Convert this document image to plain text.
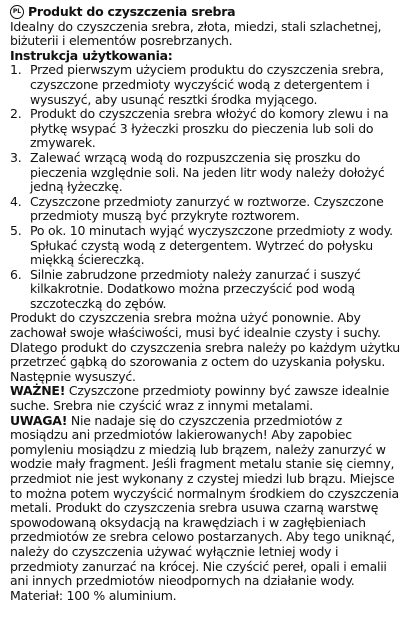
PL Produkt do czyszczenia srebra

Idealny do czyszczenia srebra, złota, miedzi, stali szlachetnej, biżuterii i elementów posrebrzanych.

Instrukcja użytkowania:

1. Przed pierwszym użyciem produktu do czyszczenia srebra, czyszczone przedmioty wyczyścić wodą z detergentem i wysuszyć, aby usunąć resztki środka myjącego.
2. Produkt do czyszczenia srebra włożyć do komory zlewu i na płytkę wsypać 3 łyżeczki proszku do pieczenia lub soli do zmywarek.
3. Zalewać wrzącą wodą do rozpuszczenia się proszku do pieczenia względnie soli. Na jeden litr wody należy dołożyć jedną łyżeczkę.
4. Czyszczone przedmioty zanurzyć w roztworze. Czyszczone przedmioty muszą być przykryte roztworem.
5. Po ok. 10 minutach wyjąć wyczyszczone przedmioty z wody. Spłukać czystą wodą z detergentem. Wytrzeć do połysku miękką ściereczką.
6. Silnie zabrudzone przedmioty należy zanurzać i suszyć kilkakrotnie. Dodatkowo można przeczyścić pod wodą szczoteczką do zębów.

Produkt do czyszczenia srebra można użyć ponownie. Aby zachował swoje właściwości, musi być idealnie czysty i suchy. Dlatego produkt do czyszczenia srebra należy po każdym użytku przetrzeć gąbką do szorowania z octem do uzyskania połysku. Następnie wysuszyć.

WAŻNE! Czyszczone przedmioty powinny być zawsze idealnie suche. Srebra nie czyścić wraz z innymi metalami.

UWAGA! Nie nadaje się do czyszczenia przedmiotów z mosiądzu ani przedmiotów lakierowanych! Aby zapobiec pomyleniu mosiądzu z miedzią lub brązem, należy zanurzyć w wodzie mały fragment. Jeśli fragment metalu stanie się ciemny, przedmiot nie jest wykonany z czystej miedzi lub brązu. Miejsce to można potem wyczyścić normalnym środkiem do czyszczenia metali. Produkt do czyszczenia srebra usuwa czarną warstwę spowodowaną oksydacją na krawędziach i w zagłębieniach przedmiotów ze srebra celowo postarzanych. Aby tego uniknąć, należy do czyszczenia używać wyłącznie letniej wody i przedmioty zanurzać na krócej. Nie czyścić pereł, opali i emalii ani innych przedmiotów nieodpornych na działanie wody.

Materiał: 100 % aluminium.
